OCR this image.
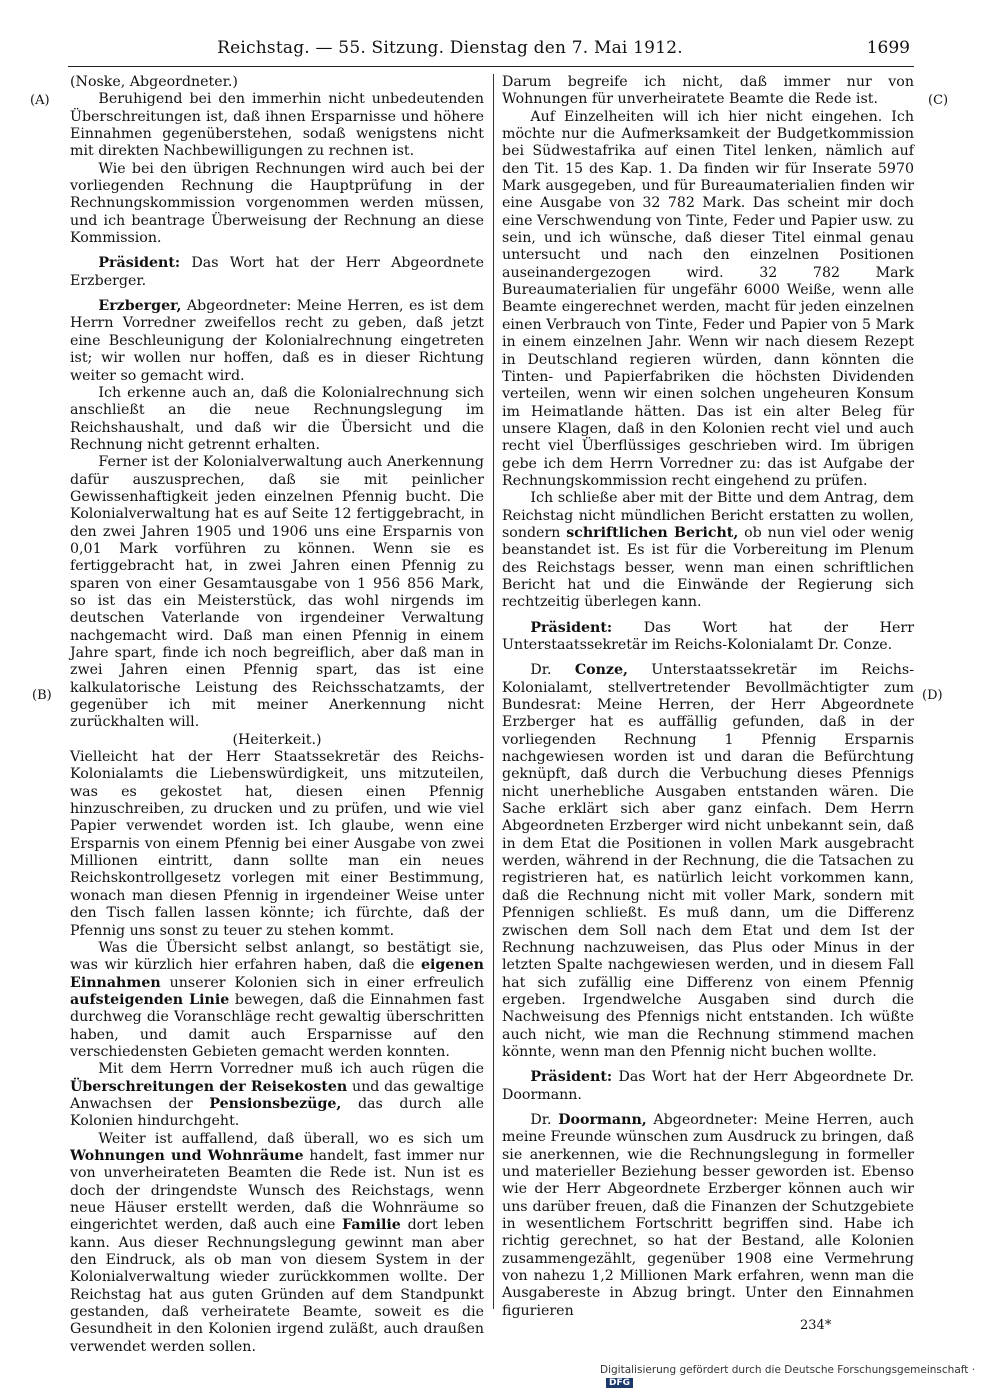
Reichstag. — 55. Sitzung. Dienstag den 7. Mai 1912.	1699
(A)
(B)
(C)
(D)

(Noske, Abgeordneter.)

Beruhigend bei den immerhin nicht unbedeutenden Überschreitungen ist, daß ihnen Ersparnisse und höhere Einnahmen gegenüberstehen, sodaß wenigstens nicht mit direkten Nachbewilligungen zu rechnen ist.

Wie bei den übrigen Rechnungen wird auch bei der vorliegenden Rechnung die Hauptprüfung in der Rechnungskommission vorgenommen werden müssen, und ich beantrage Überweisung der Rechnung an diese Kommission.

Präsident: Das Wort hat der Herr Abgeordnete Erzberger.

Erzberger, Abgeordneter: Meine Herren, es ist dem Herrn Vorredner zweifellos recht zu geben, daß jetzt eine Beschleunigung der Kolonialrechnung eingetreten ist; wir wollen nur hoffen, daß es in dieser Richtung weiter so gemacht wird.

Ich erkenne auch an, daß die Kolonialrechnung sich anschließt an die neue Rechnungslegung im Reichshaushalt, und daß wir die Übersicht und die Rechnung nicht getrennt erhalten.

Ferner ist der Kolonialverwaltung auch Anerkennung dafür auszusprechen, daß sie mit peinlicher Gewissenhaftigkeit jeden einzelnen Pfennig bucht. Die Kolonialverwaltung hat es auf Seite 12 fertiggebracht, in den zwei Jahren 1905 und 1906 uns eine Ersparnis von 0,01 Mark vorführen zu können. Wenn sie es fertiggebracht hat, in zwei Jahren einen Pfennig zu sparen von einer Gesamtausgabe von 1 956 856 Mark, so ist das ein Meisterstück, das wohl nirgends im deutschen Vaterlande von irgendeiner Verwaltung nachgemacht wird. Daß man einen Pfennig in einem Jahre spart, finde ich noch begreiflich, aber daß man in zwei Jahren einen Pfennig spart, das ist eine kalkulatorische Leistung des Reichsschatzamts, der gegenüber ich mit meiner Anerkennung nicht zurückhalten will.

(Heiterkeit.)

Vielleicht hat der Herr Staatssekretär des Reichs-Kolonialamts die Liebenswürdigkeit, uns mitzuteilen, was es gekostet hat, diesen einen Pfennig hinzuschreiben, zu drucken und zu prüfen, und wie viel Papier verwendet worden ist. Ich glaube, wenn eine Ersparnis von einem Pfennig bei einer Ausgabe von zwei Millionen eintritt, dann sollte man ein neues Reichskontrollgesetz vorlegen mit einer Bestimmung, wonach man diesen Pfennig in irgendeiner Weise unter den Tisch fallen lassen könnte; ich fürchte, daß der Pfennig uns sonst zu teuer zu stehen kommt.

Was die Übersicht selbst anlangt, so bestätigt sie, was wir kürzlich hier erfahren haben, daß die eigenen Einnahmen unserer Kolonien sich in einer erfreulich aufsteigenden Linie bewegen, daß die Einnahmen fast durchweg die Voranschläge recht gewaltig überschritten haben, und damit auch Ersparnisse auf den verschiedensten Gebieten gemacht werden konnten.

Mit dem Herrn Vorredner muß ich auch rügen die Überschreitungen der Reisekosten und das gewaltige Anwachsen der Pensionsbezüge, das durch alle Kolonien hindurchgeht.

Weiter ist auffallend, daß überall, wo es sich um Wohnungen und Wohnräume handelt, fast immer nur von unverheirateten Beamten die Rede ist. Nun ist es doch der dringendste Wunsch des Reichstags, wenn neue Häuser erstellt werden, daß die Wohnräume so eingerichtet werden, daß auch eine Familie dort leben kann. Aus dieser Rechnungslegung gewinnt man aber den Eindruck, als ob man von diesem System in der Kolonialverwaltung wieder zurückkommen wollte. Der Reichstag hat aus guten Gründen auf dem Standpunkt gestanden, daß verheiratete Beamte, soweit es die Gesundheit in den Kolonien irgend zuläßt, auch draußen verwendet werden sollen.

Darum begreife ich nicht, daß immer nur von Wohnungen für unverheiratete Beamte die Rede ist.

Auf Einzelheiten will ich hier nicht eingehen. Ich möchte nur die Aufmerksamkeit der Budgetkommission bei Südwestafrika auf einen Titel lenken, nämlich auf den Tit. 15 des Kap. 1. Da finden wir für Inserate 5970 Mark ausgegeben, und für Bureaumaterialien finden wir eine Ausgabe von 32 782 Mark. Das scheint mir doch eine Verschwendung von Tinte, Feder und Papier usw. zu sein, und ich wünsche, daß dieser Titel einmal genau untersucht und nach den einzelnen Positionen auseinandergezogen wird. 32 782 Mark Bureaumaterialien für ungefähr 6000 Weiße, wenn alle Beamte eingerechnet werden, macht für jeden einzelnen einen Verbrauch von Tinte, Feder und Papier von 5 Mark in einem einzelnen Jahr. Wenn wir nach diesem Rezept in Deutschland regieren würden, dann könnten die Tinten- und Papierfabriken die höchsten Dividenden verteilen, wenn wir einen solchen ungeheuren Konsum im Heimatlande hätten. Das ist ein alter Beleg für unsere Klagen, daß in den Kolonien recht viel und auch recht viel Überflüssiges geschrieben wird. Im übrigen gebe ich dem Herrn Vorredner zu: das ist Aufgabe der Rechnungskommission recht eingehend zu prüfen.

Ich schließe aber mit der Bitte und dem Antrag, dem Reichstag nicht mündlichen Bericht erstatten zu wollen, sondern schriftlichen Bericht, ob nun viel oder wenig beanstandet ist. Es ist für die Vorbereitung im Plenum des Reichstags besser, wenn man einen schriftlichen Bericht hat und die Einwände der Regierung sich rechtzeitig überlegen kann.

Präsident: Das Wort hat der Herr Unterstaatssekretär im Reichs-Kolonialamt Dr. Conze.

Dr. Conze, Unterstaatssekretär im Reichs-Kolonialamt, stellvertretender Bevollmächtigter zum Bundesrat: Meine Herren, der Herr Abgeordnete Erzberger hat es auffällig gefunden, daß in der vorliegenden Rechnung 1 Pfennig Ersparnis nachgewiesen worden ist und daran die Befürchtung geknüpft, daß durch die Verbuchung dieses Pfennigs nicht unerhebliche Ausgaben entstanden wären. Die Sache erklärt sich aber ganz einfach. Dem Herrn Abgeordneten Erzberger wird nicht unbekannt sein, daß in dem Etat die Positionen in vollen Mark ausgebracht werden, während in der Rechnung, die die Tatsachen zu registrieren hat, es natürlich leicht vorkommen kann, daß die Rechnung nicht mit voller Mark, sondern mit Pfennigen schließt. Es muß dann, um die Differenz zwischen dem Soll nach dem Etat und dem Ist der Rechnung nachzuweisen, das Plus oder Minus in der letzten Spalte nachgewiesen werden, und in diesem Fall hat sich zufällig eine Differenz von einem Pfennig ergeben. Irgendwelche Ausgaben sind durch die Nachweisung des Pfennigs nicht entstanden. Ich wüßte auch nicht, wie man die Rechnung stimmend machen könnte, wenn man den Pfennig nicht buchen wollte.

Präsident: Das Wort hat der Herr Abgeordnete Dr. Doormann.

Dr. Doormann, Abgeordneter: Meine Herren, auch meine Freunde wünschen zum Ausdruck zu bringen, daß sie anerkennen, wie die Rechnungslegung in formeller und materieller Beziehung besser geworden ist. Ebenso wie der Herr Abgeordnete Erzberger können auch wir uns darüber freuen, daß die Finanzen der Schutzgebiete in wesentlichem Fortschritt begriffen sind. Habe ich richtig gerechnet, so hat der Bestand, alle Kolonien zusammengezählt, gegenüber 1908 eine Vermehrung von nahezu 1,2 Millionen Mark erfahren, wenn man die Ausgabereste in Abzug bringt. Unter den Einnahmen figurieren

234*
Digitalisierung gefördert durch die Deutsche Forschungsgemeinschaft ·DFG
